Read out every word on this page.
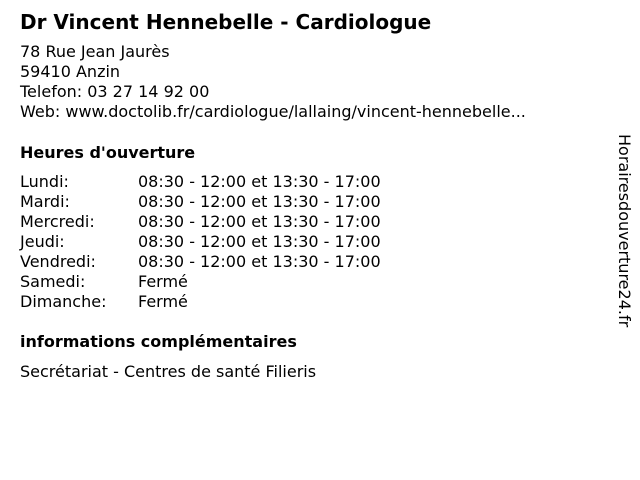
Dr Vincent Hennebelle - Cardiologue
78 Rue Jean Jaurès
59410 Anzin
Telefon: 03 27 14 92 00
Web: www.doctolib.fr/cardiologue/lallaing/vincent-hennebelle...
Heures d'ouverture
Lundi:	08:30 - 12:00 et 13:30 - 17:00
Mardi:	08:30 - 12:00 et 13:30 - 17:00
Mercredi:	08:30 - 12:00 et 13:30 - 17:00
Jeudi:	08:30 - 12:00 et 13:30 - 17:00
Vendredi:	08:30 - 12:00 et 13:30 - 17:00
Samedi:	Fermé
Dimanche:	Fermé
informations complémentaires
Secrétariat - Centres de santé Filieris
Horairesdouverture24.fr
